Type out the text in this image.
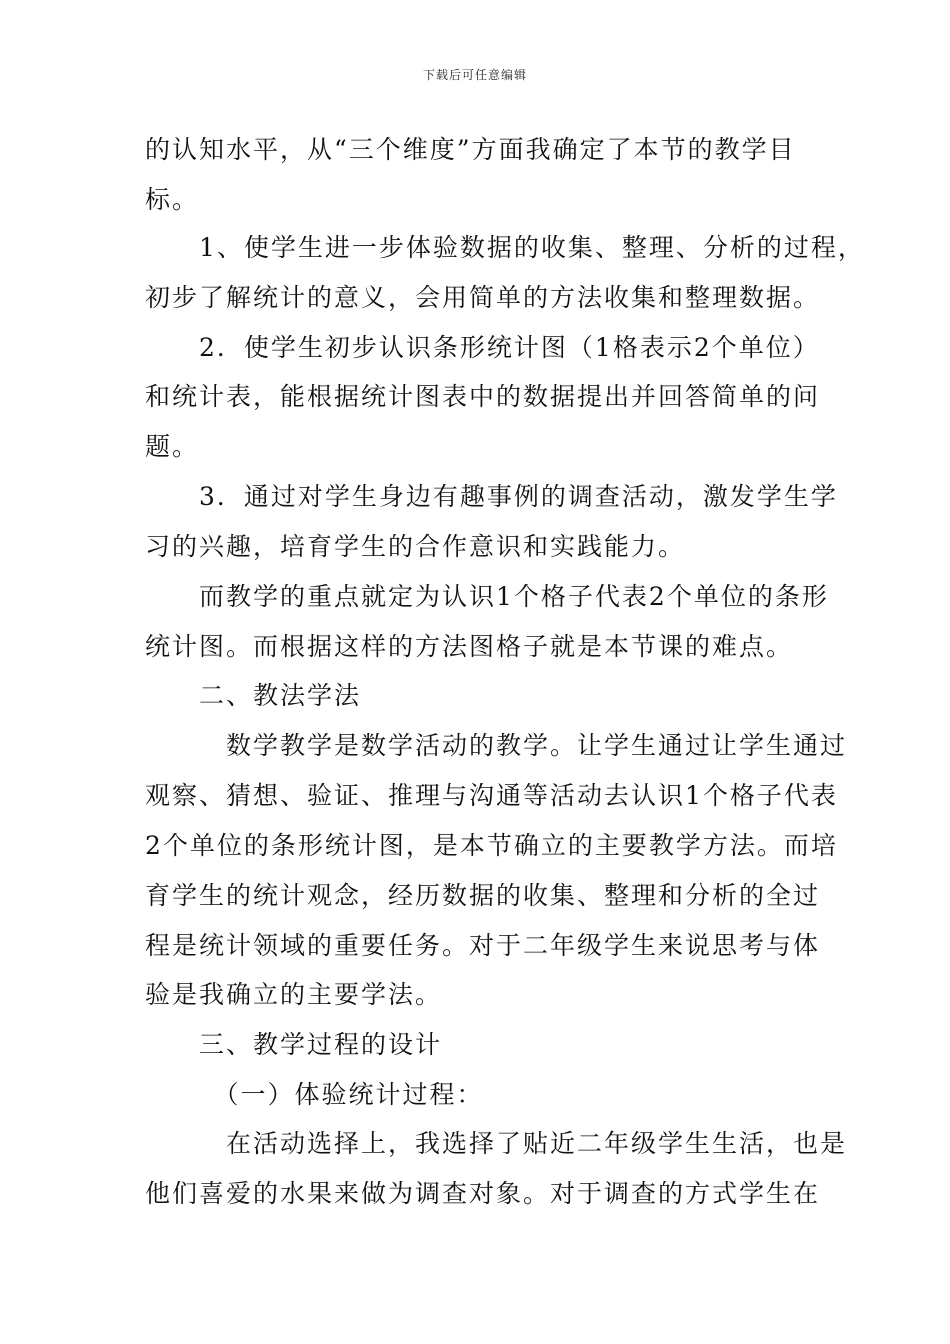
下载后可任意编辑
的认知水平，从“三个维度”方面我确定了本节的教学目
标。
　　1、使学生进一步体验数据的收集、整理、分析的过程，
初步了解统计的意义，会用简单的方法收集和整理数据。
　　2．使学生初步认识条形统计图（1格表示2个单位）
和统计表，能根据统计图表中的数据提出并回答简单的问
题。
　　3．通过对学生身边有趣事例的调查活动，激发学生学
习的兴趣，培育学生的合作意识和实践能力。
　　而教学的重点就定为认识1个格子代表2个单位的条形
统计图。而根据这样的方法图格子就是本节课的难点。
　　二、教法学法
　　　数学教学是数学活动的教学。让学生通过让学生通过
观察、猜想、验证、推理与沟通等活动去认识1个格子代表
2个单位的条形统计图，是本节确立的主要教学方法。而培
育学生的统计观念，经历数据的收集、整理和分析的全过
程是统计领域的重要任务。对于二年级学生来说思考与体
验是我确立的主要学法。
　　三、教学过程的设计
　　　（一）体验统计过程：
　　　在活动选择上，我选择了贴近二年级学生生活，也是
他们喜爱的水果来做为调查对象。对于调查的方式学生在
